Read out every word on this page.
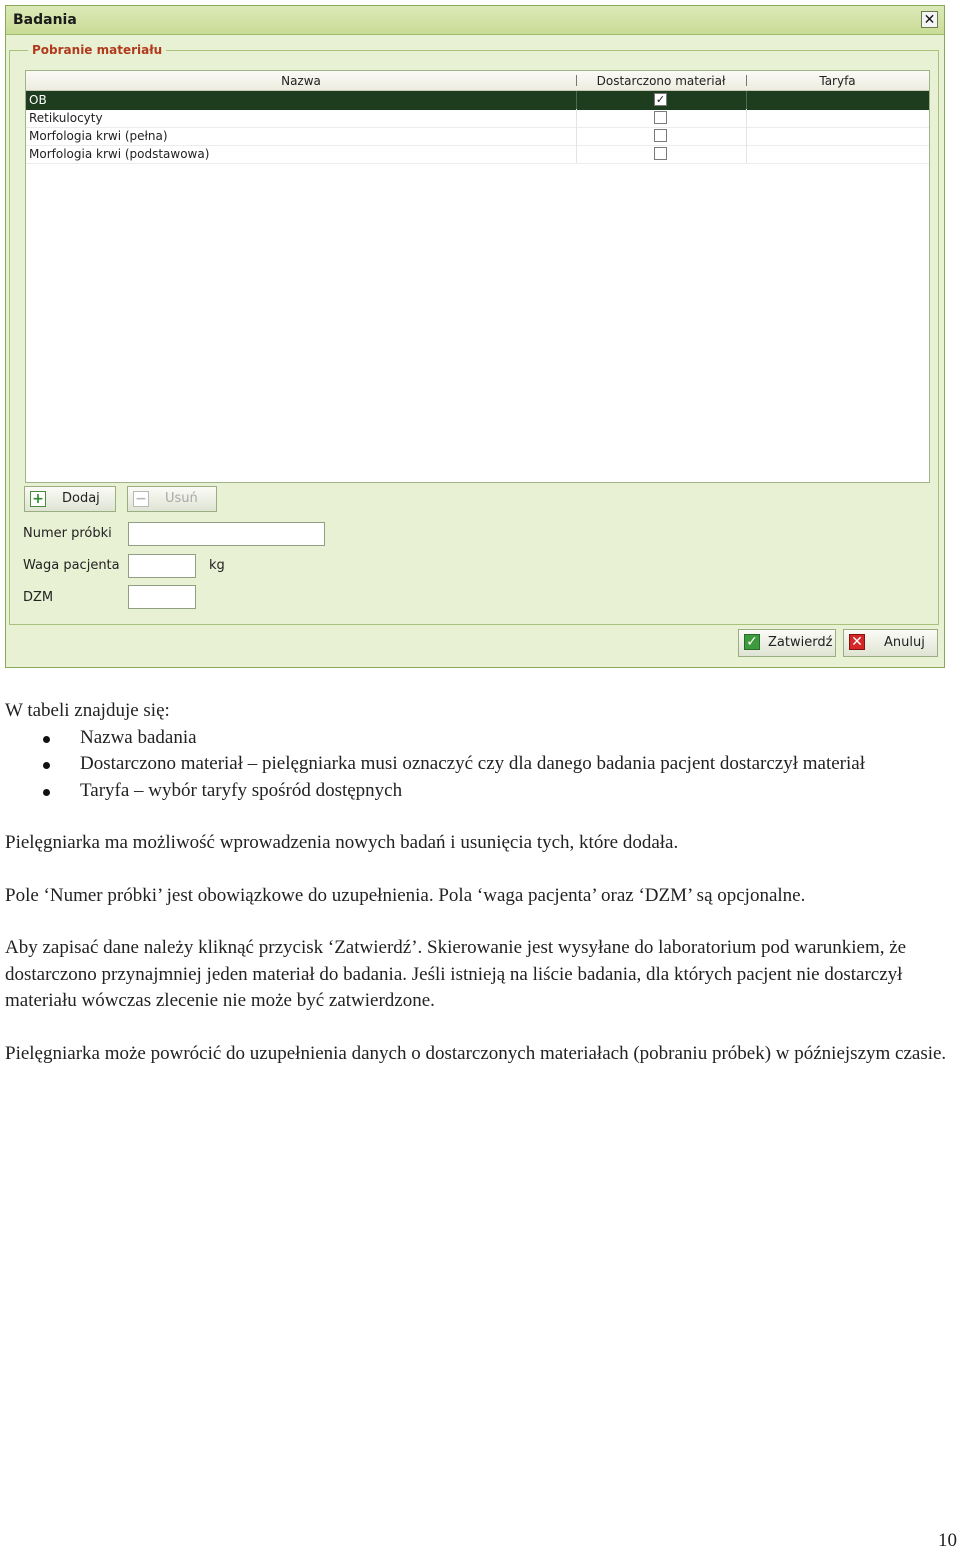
Badania	✕
Pobranie materiału
Nazwa	Dostarczono materiał	Taryfa
OB	✓
Retikulocyty
Morfologia krwi (pełna)
Morfologia krwi (podstawowa)
+ Dodaj	− Usuń
Numer próbki
Waga pacjenta	kg
DZM
✓ Zatwierdź ✕ Anuluj

W tabeli znajduje się:

Nazwa badania
Dostarczono materiał – pielęgniarka musi oznaczyć czy dla danego badania pacjent dostarczył materiał
Taryfa – wybór taryfy spośród dostępnych

Pielęgniarka ma możliwość wprowadzenia nowych badań i usunięcia tych, które dodała.

Pole ‘Numer próbki’ jest obowiązkowe do uzupełnienia. Pola ‘waga pacjenta’ oraz ‘DZM’ są opcjonalne.

Aby zapisać dane należy kliknąć przycisk ‘Zatwierdź’. Skierowanie jest wysyłane do laboratorium pod warunkiem, że dostarczono przynajmniej jeden materiał do badania. Jeśli istnieją na liście badania, dla których pacjent nie dostarczył materiału wówczas zlecenie nie może być zatwierdzone.

Pielęgniarka może powrócić do uzupełnienia danych o dostarczonych materiałach (pobraniu próbek) w późniejszym czasie.

10
